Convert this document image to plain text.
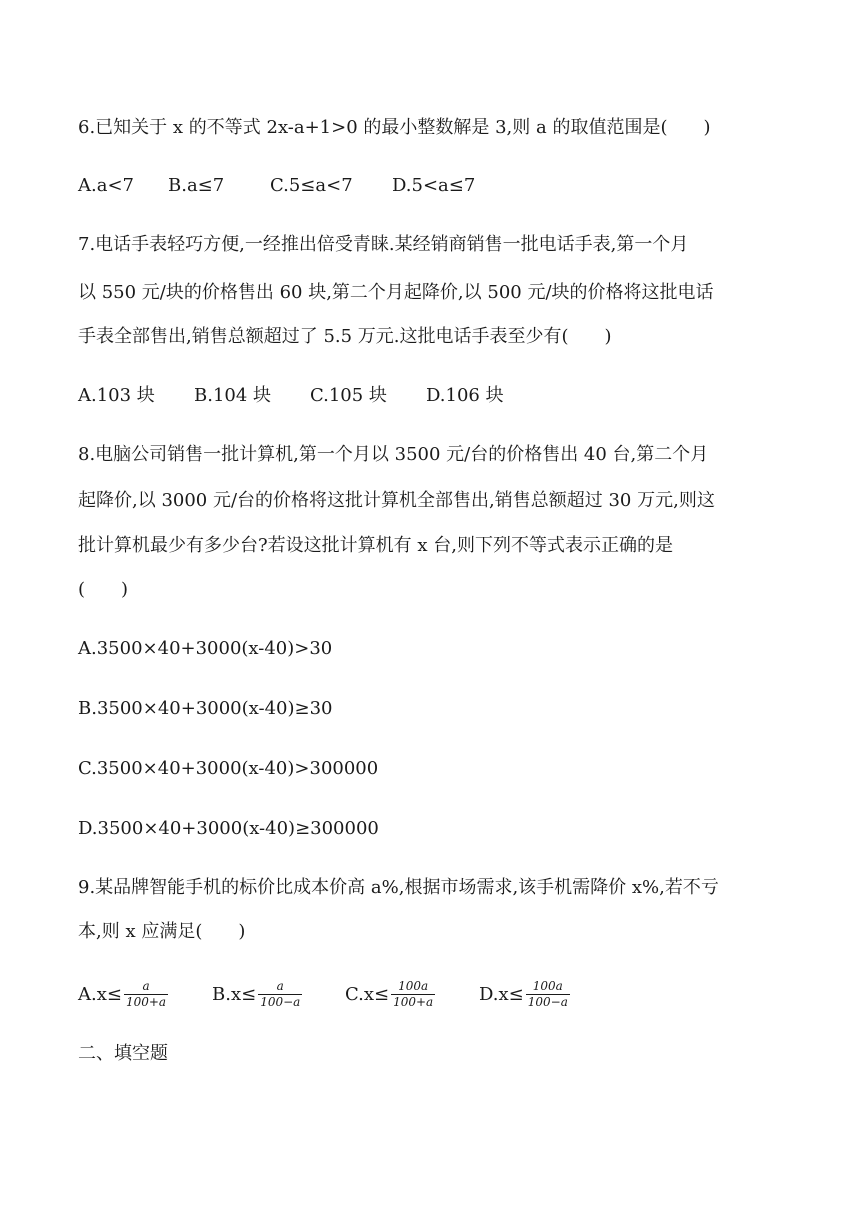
6.已知关于 x 的不等式 2x-a+1>0 的最小整数解是 3,则 a 的取值范围是(　　)
A.a<7 B.a≤7	C.5≤a<7 D.5<a≤7
7.电话手表轻巧方便,一经推出倍受青睐.某经销商销售一批电话手表,第一个月
以 550 元/块的价格售出 60 块,第二个月起降价,以 500 元/块的价格将这批电话
手表全部售出,销售总额超过了 5.5 万元.这批电话手表至少有(　　)
A.103 块 B.104 块 C.105 块 D.106 块
8.电脑公司销售一批计算机,第一个月以 3500 元/台的价格售出 40 台,第二个月
起降价,以 3000 元/台的价格将这批计算机全部售出,销售总额超过 30 万元,则这
批计算机最少有多少台?若设这批计算机有 x 台,则下列不等式表示正确的是
(　　)
A.3500×40+3000(x-40)>30
B.3500×40+3000(x-40)≥30
C.3500×40+3000(x-40)>300000
D.3500×40+3000(x-40)≥300000
9.某品牌智能手机的标价比成本价高 a%,根据市场需求,该手机需降价 x%,若不亏
本,则 x 应满足(　　)
$A.x\le \frac{a}{100+a} B.x\le \frac{a}{100-a} C.x\le \frac{100a}{100+a} D.x\le \frac{100a}{100-a}$
二、填空题
